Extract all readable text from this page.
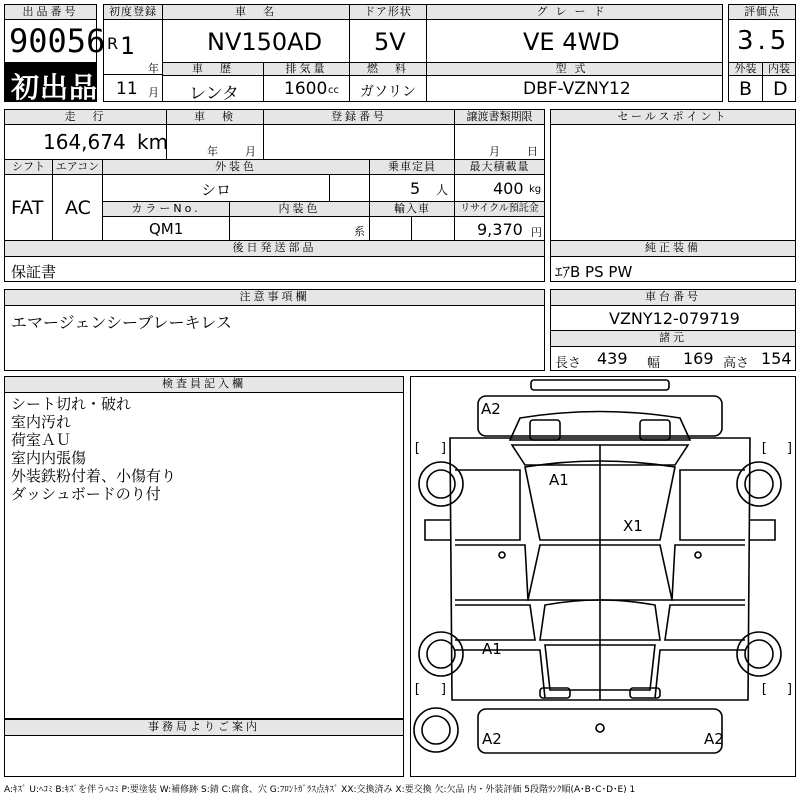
出品番号
90056
初出品
初度登録
R 1
年
11 月
車　名
NV150AD
ドア形状
5V
グレード
VE 4WD
車　歴
レンタ
排気量
1600 cc
燃　料
ガソリン
型式
DBF-VZNY12
評価点
3.5
外装	内装
B D
走　行
164,674 km
車　検
年 月
登録番号	譲渡書類期限
月 日
セールスポイント
シフト エアコン
FAT AC
外装色
シロ
乗車定員
5 人
最大積載量
400 kg
カラーNo.
QM1
内装色
系
輸入車	リサイクル預託金
9,370 円
後日発送部品
保証書
純正装備
ｴｱB PS PW
注意事項欄
エマージェンシーブレーキレス
車台番号
VZNY12-079719
諸元
長さ 439 幅 169 高さ 154
検査員記入欄
シート切れ・破れ
室内汚れ
荷室ＡＵ
室内内張傷
外装鉄粉付着、小傷有り
ダッシュボードのり付
事務局よりご案内
[ ]	[ ]
[ ]	[ ]
A2
A1
X1
A1
A2	A2
A:ｷｽﾞ U:ﾍｺﾐ B:ｷｽﾞを伴うﾍｺﾐ P:要塗装 W:補修跡 S:錆 C:腐食、穴 G:ﾌﾛﾝﾄｶﾞﾗｽ点ｷｽﾞ XX:交換済み X:要交換 欠:欠品 内・外装評価 5段階ﾗﾝｸ順(A･B･C･D･E) 1
